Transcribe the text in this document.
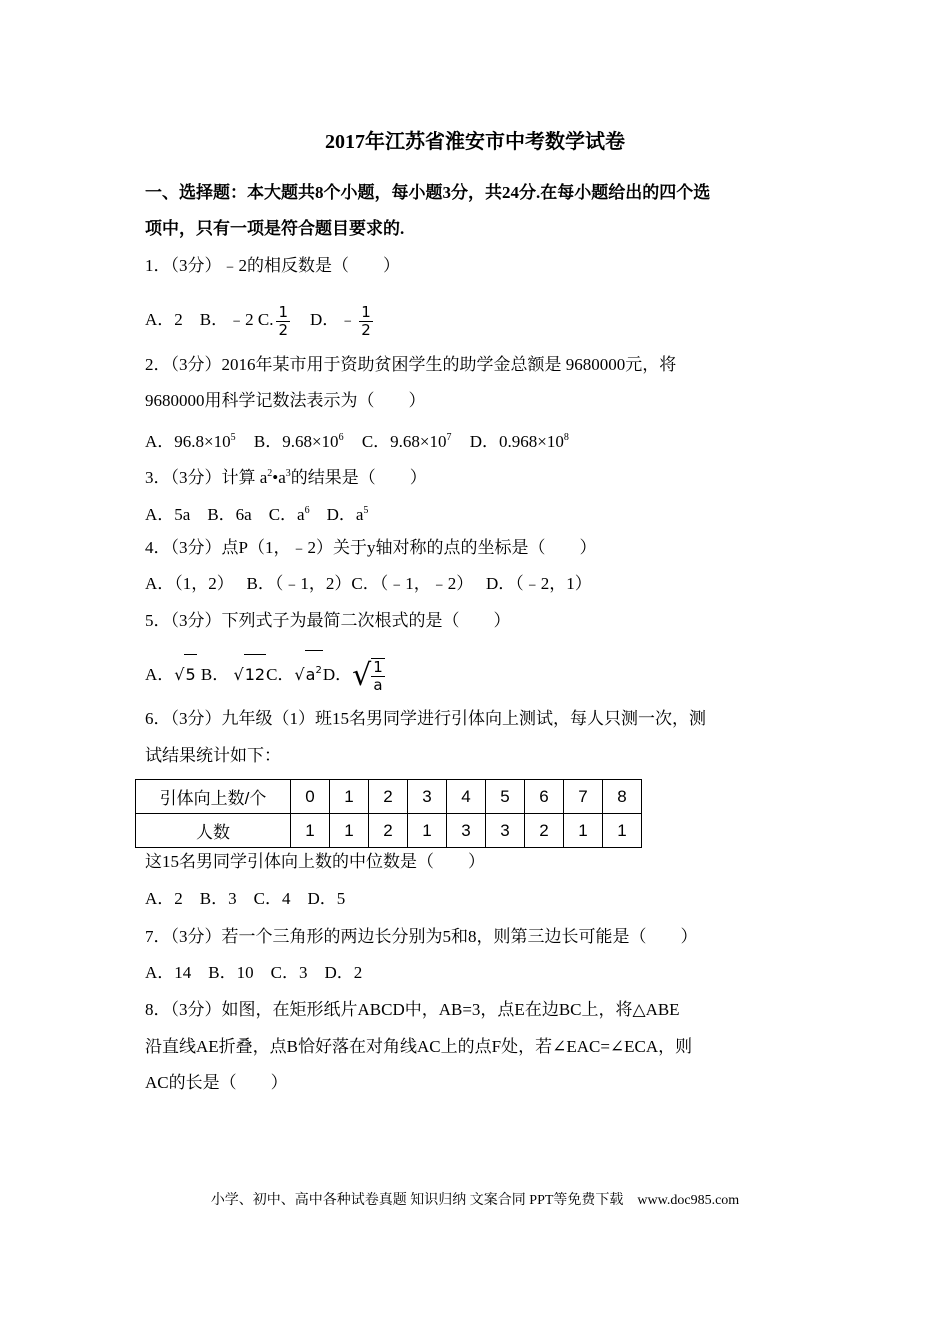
2017年江苏省淮安市中考数学试卷
一、选择题：本大题共8个小题，每小题3分，共24分.在每小题给出的四个选
项中，只有一项是符合题目要求的.
1．（3分）﹣2的相反数是（　　）
A．2　B．﹣2 C. $\frac{1}{2}$ 　D．﹣ $\frac{1}{2}$
2．（3分）2016年某市用于资助贫困学生的助学金总额是 9680000元，将
9680000用科学记数法表示为（　　）
A．$96.8\times 10^5$ B．$9.68\times 10^6$ C．$9.68\times 10^7$ D．$0.968\times 10^8$
3．（3分）计算 $a^2•a^3$的结果是（　　）
A．5a　B．6a　C．$a^6$　D．$a^5$
4．（3分）点P（1，﹣2）关于y轴对称的点的坐标是（　　）
A．（1，2）　 B．（﹣1，2）C．（﹣1，﹣2）　 D．（﹣2，1）
5．（3分）下列式子为最简二次根式的是（　　）
A．√5 B． √12C．$√a^2D$． √ $\frac{1}{a}$
6．（3分）九年级（1）班15名男同学进行引体向上测试，每人只测一次，测
试结果统计如下：
引体向上数/个	0	1	2	3	4	5	6	7	8
人数	1	1	2	1	3	3	2	1	1
这15名男同学引体向上数的中位数是（　　）
A．2　B．3　C．4　D．5
7．（3分）若一个三角形的两边长分别为5和8，则第三边长可能是（　　）
A．14　B．10　C．3　D．2
8．（3分）如图，在矩形纸片ABCD中，AB=3，点E在边BC上，将△ABE
沿直线AE折叠，点B恰好落在对角线AC上的点F处，若∠EAC=∠ECA，则
AC的长是（　　）
小学、初中、高中各种试卷真题 知识归纳 文案合同 PPT等免费下载　www.doc985.com
